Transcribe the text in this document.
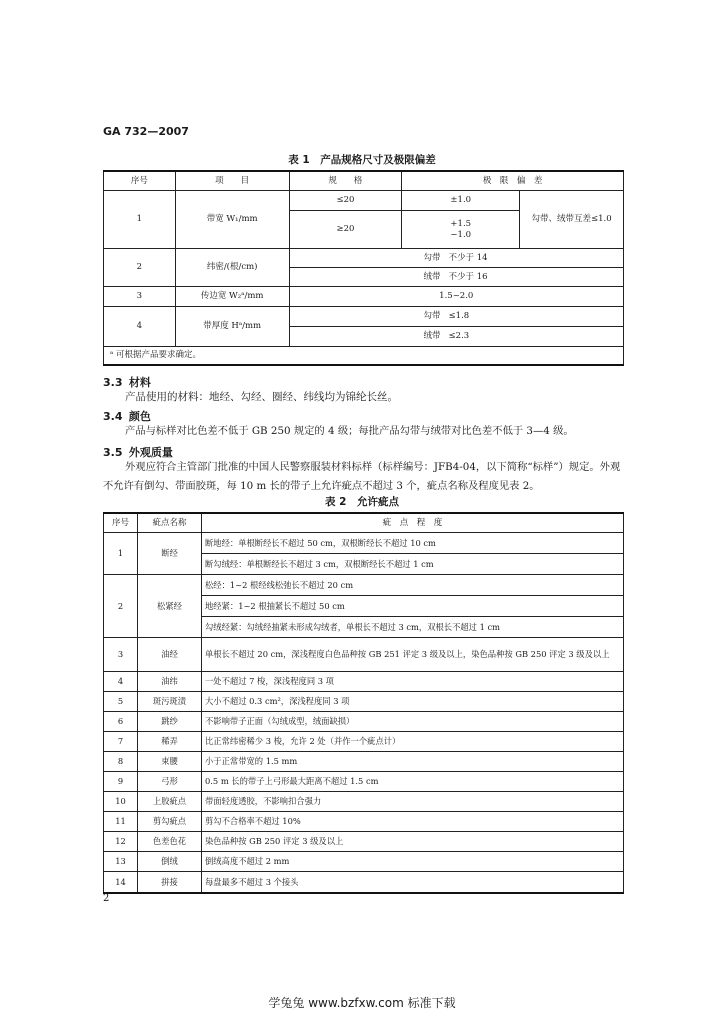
GA 732—2007
表 1　产品规格尺寸及极限偏差
序号	项　　目	规　　格	极　限　偏　差	
1	带宽 W₁/mm	≤20	±1.0	勾带、绒带互差≤1.0
		≥20	+1.5
−1.0	

2	纬密/(根/cm)	勾带 不少于 14		

		绒带 不少于 16		

3	传边宽 W₂ᵃ/mm	1.5~2.0		
4	带厚度 Hᵃ/mm	勾带 ≤1.8		

		绒带 ≤2.3		

ᵃ 可根据产品要求确定。				
3.3 材料
产品使用的材料：地经、勾经、圈经、纬线均为锦纶长丝。
3.4 颜色
产品与标样对比色差不低于 GB 250 规定的 4 级；每批产品勾带与绒带对比色差不低于 3—4 级。
3.5 外观质量
外观应符合主管部门批准的中国人民警察服装材料标样（标样编号：JFB4-04，以下简称“标样”）规定。外观不允许有倒勾、带面胶斑，每 10 m 长的带子上允许疵点不超过 3 个，疵点名称及程度见表 2。
表 2　允许疵点
序号	疵点名称	疵　点　程　度
1	断经	断地经：单根断经长不超过 50 cm，双根断经长不超过 10 cm
		断勾绒经：单根断经长不超过 3 cm，双根断经长不超过 1 cm
2	松紧经	松经：1~2 根经线松弛长不超过 20 cm
		地经紧：1~2 根抽紧长不超过 50 cm
		勾绒经紧：勾绒经抽紧未形成勾绒者，单根长不超过 3 cm，双根长不超过 1 cm
3	油经	单根长不超过 20 cm，深浅程度白色品种按 GB 251 评定 3 级及以上，染色品种按 GB 250 评定 3 级及以上
4	油纬	一处不超过 7 梭，深浅程度同 3 项
5	斑污斑渍	大小不超过 0.3 cm²，深浅程度同 3 项
6	跳纱	不影响带子正面（勾绒成型，绒面缺损）
7	稀弄	比正常纬密稀少 3 梭，允许 2 处（并作一个疵点计）
8	束腰	小于正常带宽的 1.5 mm
9	弓形	0.5 m 长的带子上弓形最大距离不超过 1.5 cm
10	上胶疵点	带面轻度透胶，不影响扣合强力
11	剪勾疵点	剪勾不合格率不超过 10%
12	色差色花	染色品种按 GB 250 评定 3 级及以上
13	倒绒	倒绒高度不超过 2 mm
14	拼接	每盘最多不超过 3 个接头
2
学兔兔 www.bzfxw.com 标准下载
